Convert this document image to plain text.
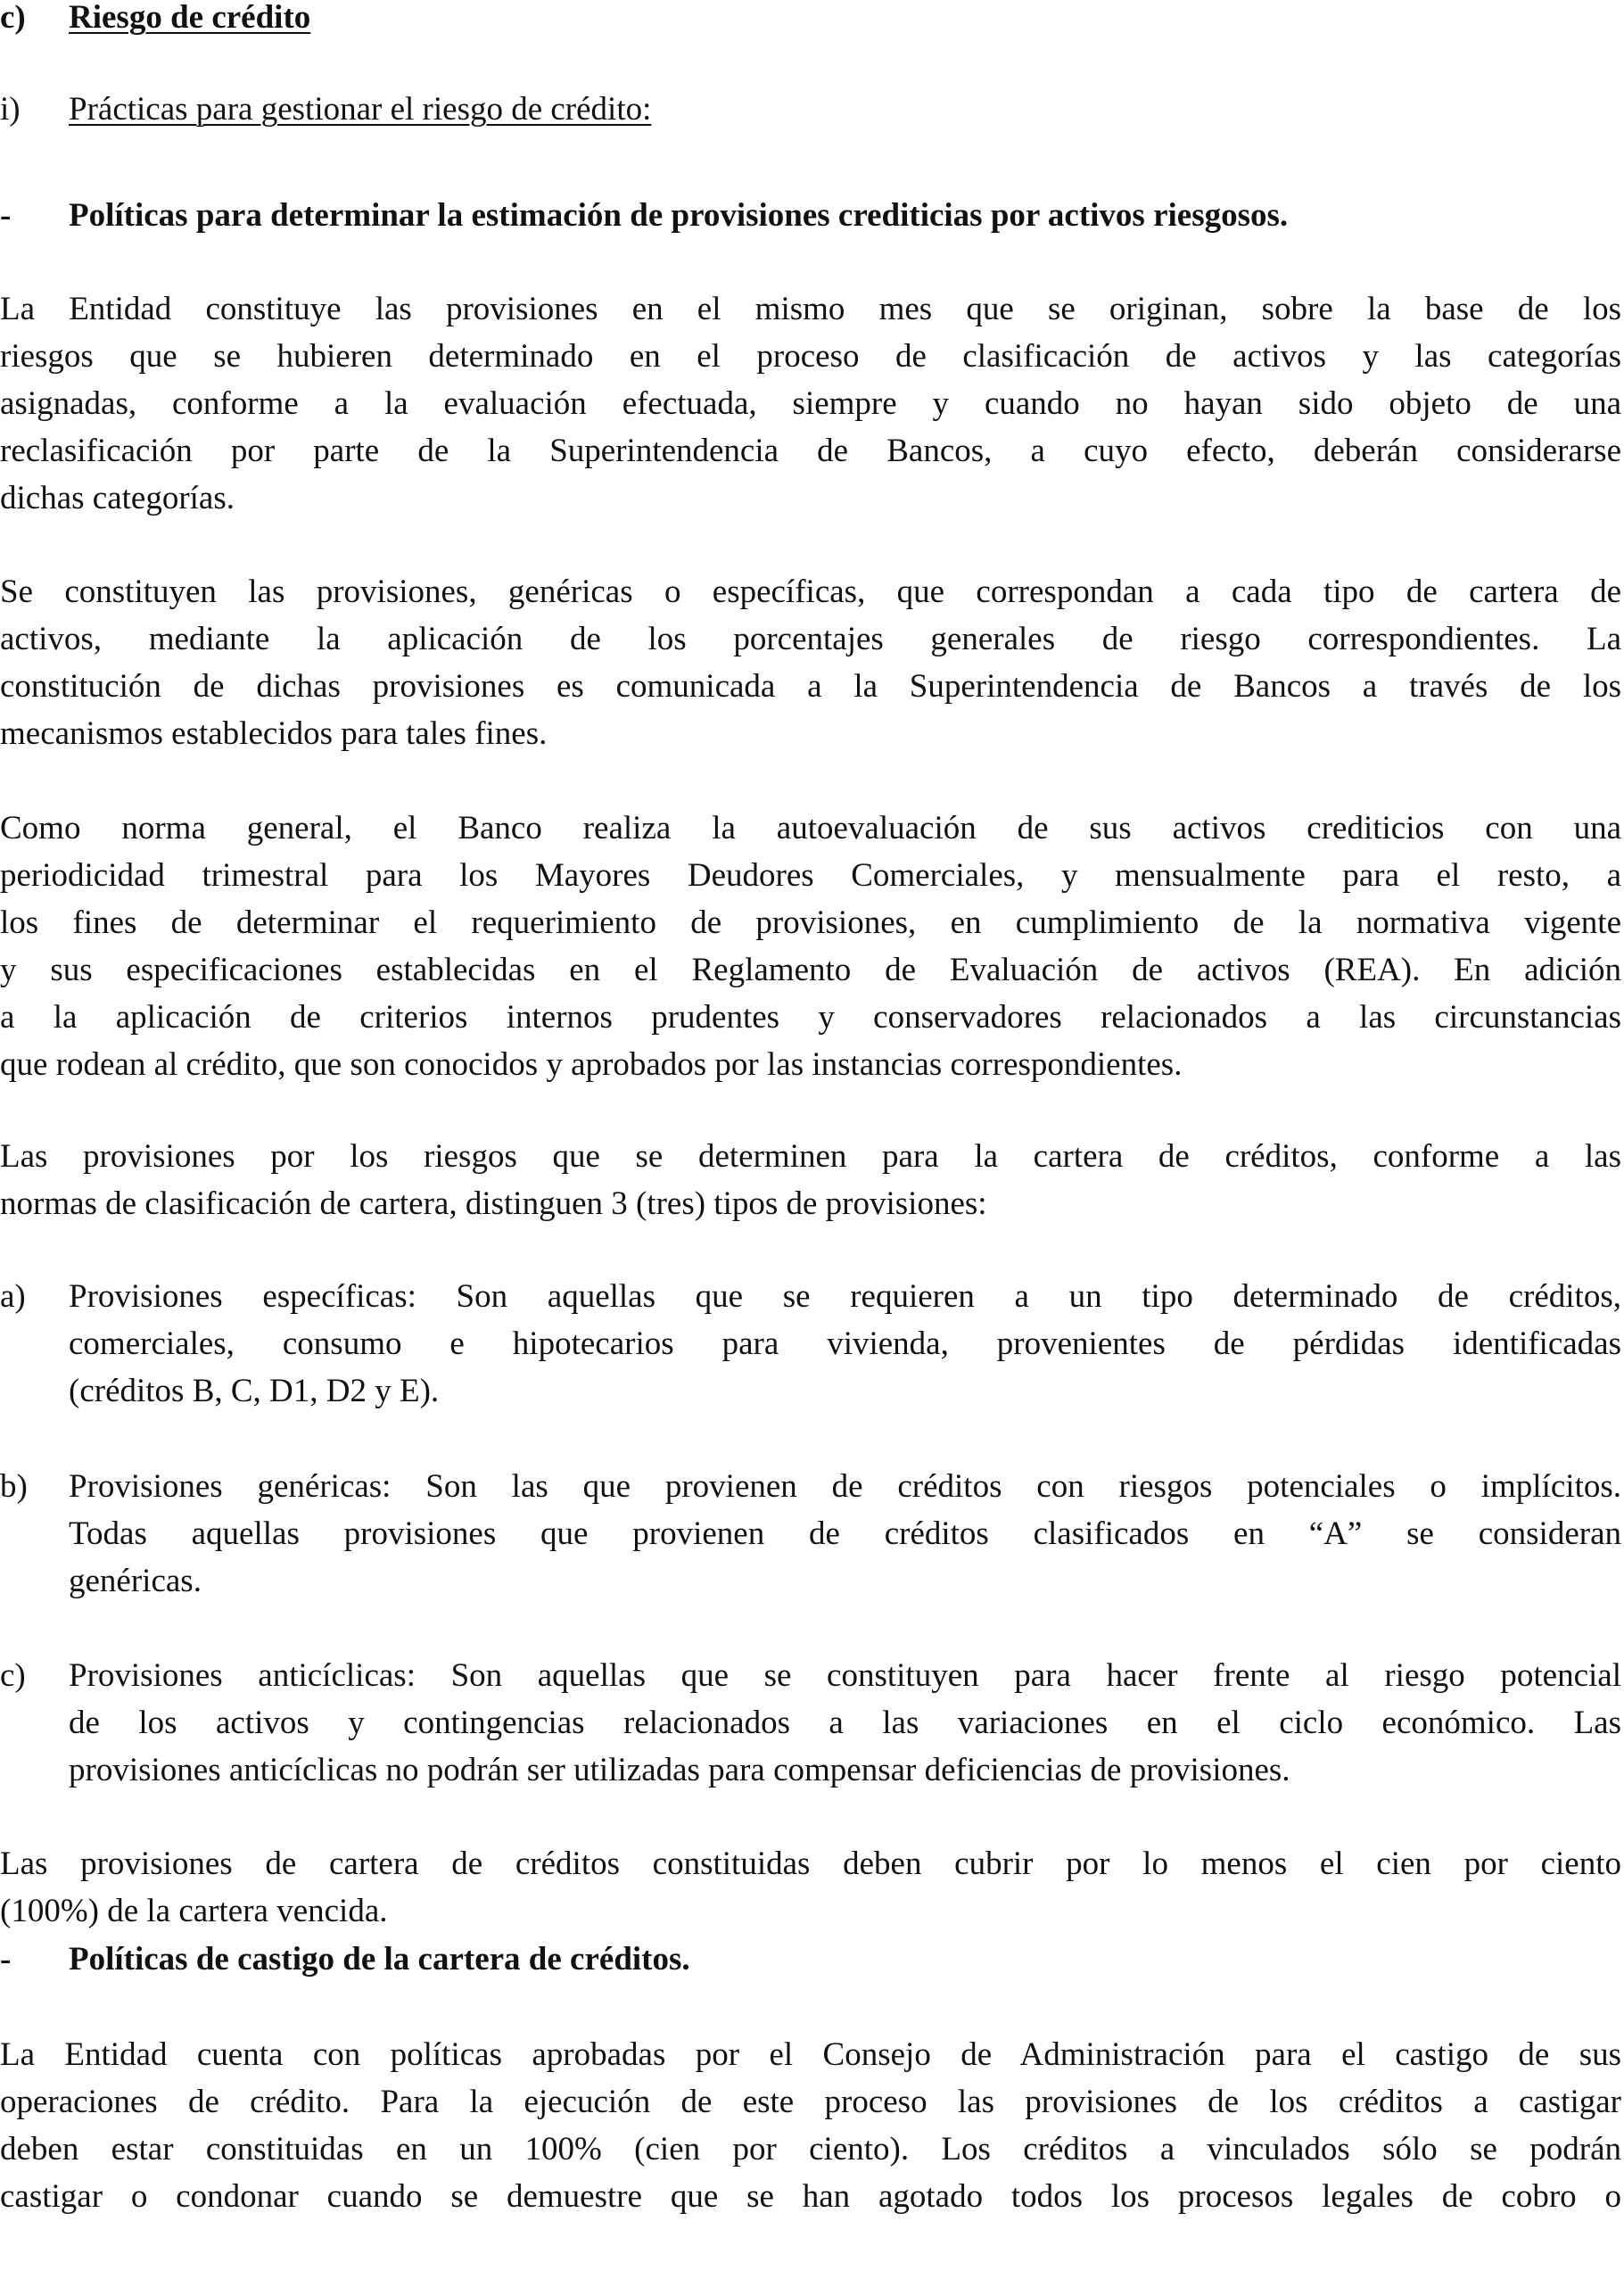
c) Riesgo de crédito
i) Prácticas para gestionar el riesgo de crédito:
- Políticas para determinar la estimación de provisiones crediticias por activos riesgosos.
La Entidad constituye las provisiones en el mismo mes que se originan, sobre la base de los
riesgos que se hubieren determinado en el proceso de clasificación de activos y las categorías
asignadas, conforme a la evaluación efectuada, siempre y cuando no hayan sido objeto de una
reclasificación por parte de la Superintendencia de Bancos, a cuyo efecto, deberán considerarse
dichas categorías.
Se constituyen las provisiones, genéricas o específicas, que correspondan a cada tipo de cartera de
activos, mediante la aplicación de los porcentajes generales de riesgo correspondientes. La
constitución de dichas provisiones es comunicada a la Superintendencia de Bancos a través de los
mecanismos establecidos para tales fines.
Como norma general, el Banco realiza la autoevaluación de sus activos crediticios con una
periodicidad trimestral para los Mayores Deudores Comerciales, y mensualmente para el resto, a
los fines de determinar el requerimiento de provisiones, en cumplimiento de la normativa vigente
y sus especificaciones establecidas en el Reglamento de Evaluación de activos (REA). En adición
a la aplicación de criterios internos prudentes y conservadores relacionados a las circunstancias
que rodean al crédito, que son conocidos y aprobados por las instancias correspondientes.
Las provisiones por los riesgos que se determinen para la cartera de créditos, conforme a las
normas de clasificación de cartera, distinguen 3 (tres) tipos de provisiones:
a) Provisiones específicas: Son aquellas que se requieren a un tipo determinado de créditos,
comerciales, consumo e hipotecarios para vivienda, provenientes de pérdidas identificadas
(créditos B, C, D1, D2 y E).
b) Provisiones genéricas: Son las que provienen de créditos con riesgos potenciales o implícitos.
Todas aquellas provisiones que provienen de créditos clasificados en “A” se consideran
genéricas.
c) Provisiones anticíclicas: Son aquellas que se constituyen para hacer frente al riesgo potencial
de los activos y contingencias relacionados a las variaciones en el ciclo económico. Las
provisiones anticíclicas no podrán ser utilizadas para compensar deficiencias de provisiones.
Las provisiones de cartera de créditos constituidas deben cubrir por lo menos el cien por ciento
(100%) de la cartera vencida.
- Políticas de castigo de la cartera de créditos.
La Entidad cuenta con políticas aprobadas por el Consejo de Administración para el castigo de sus
operaciones de crédito. Para la ejecución de este proceso las provisiones de los créditos a castigar
deben estar constituidas en un 100% (cien por ciento). Los créditos a vinculados sólo se podrán
castigar o condonar cuando se demuestre que se han agotado todos los procesos legales de cobro o
